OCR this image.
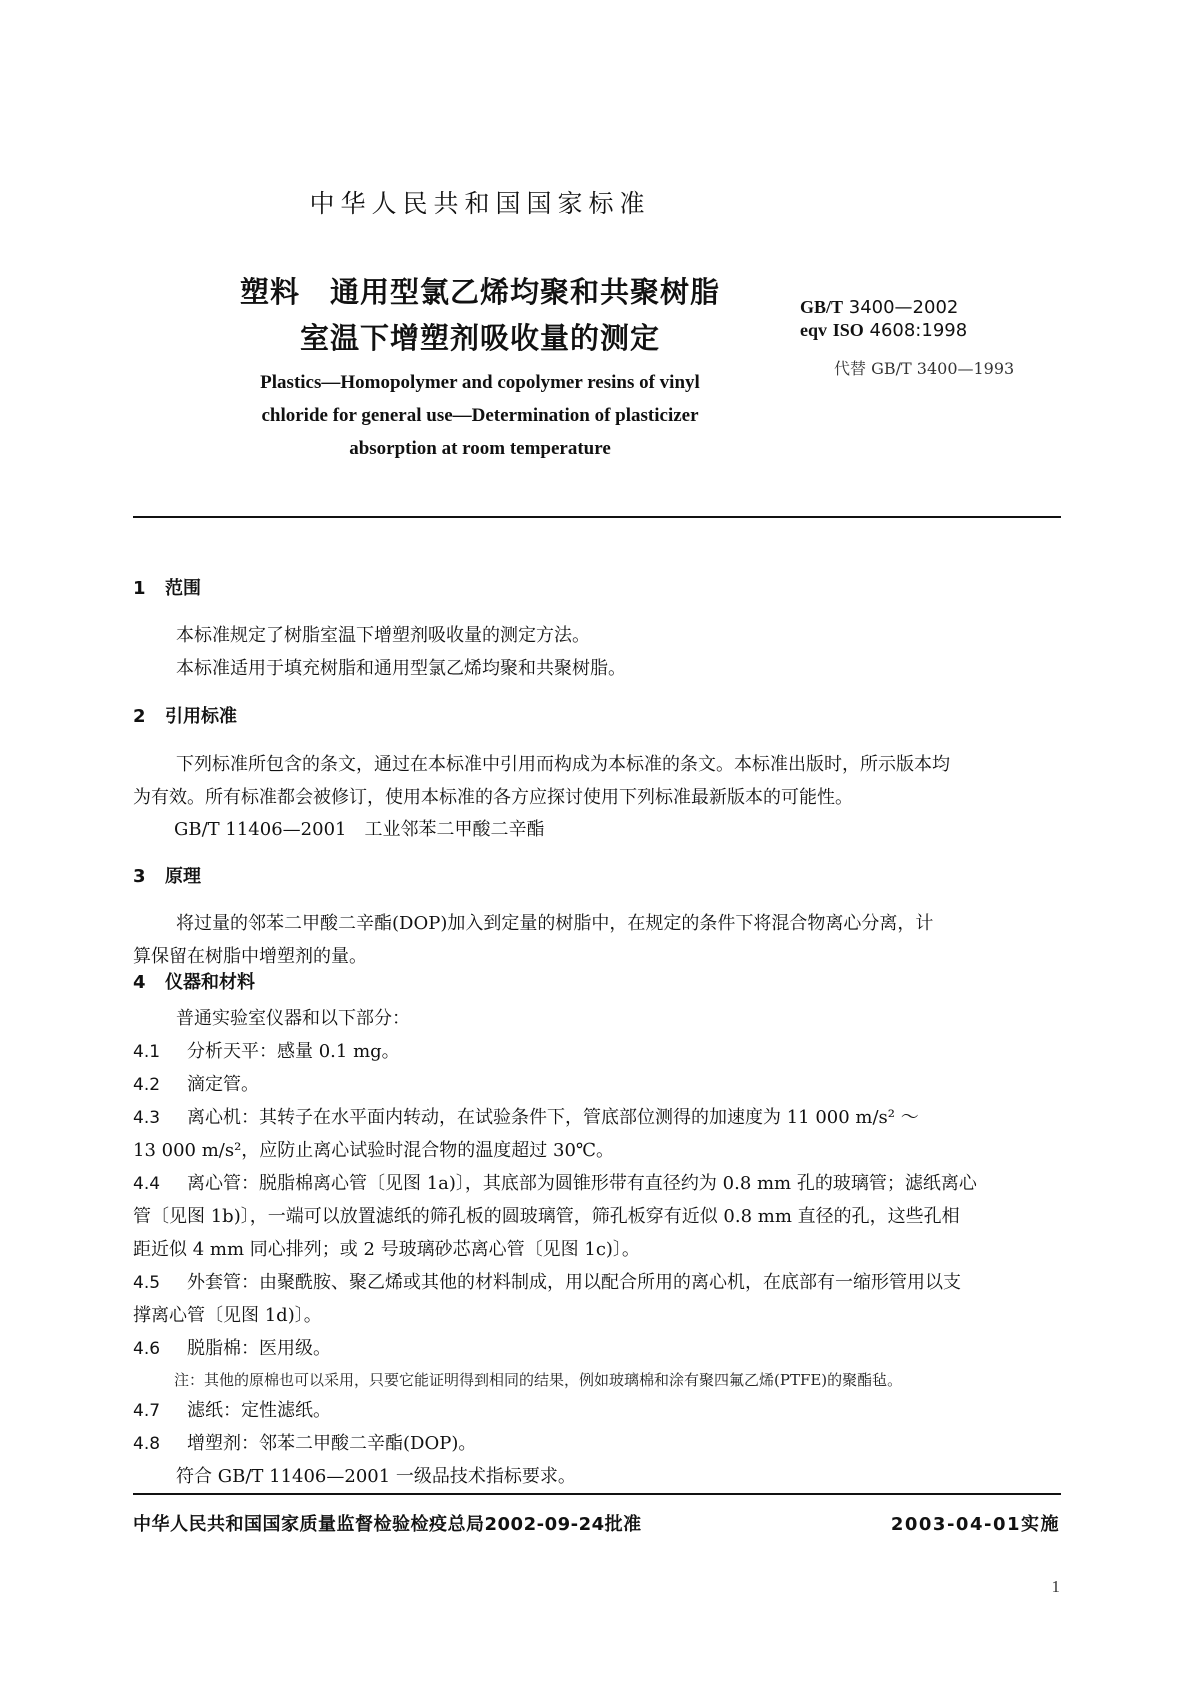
中华人民共和国国家标准
塑料　通用型氯乙烯均聚和共聚树脂
室温下增塑剂吸收量的测定
Plastics—Homopolymer and copolymer resins of vinyl
chloride for general use—Determination of plasticizer
absorption at room temperature
GB/T 3400—2002
eqv ISO 4608:1998
代替 GB/T 3400—1993
1 范围
本标准规定了树脂室温下增塑剂吸收量的测定方法。
本标准适用于填充树脂和通用型氯乙烯均聚和共聚树脂。
2 引用标准
下列标准所包含的条文，通过在本标准中引用而构成为本标准的条文。本标准出版时，所示版本均
为有效。所有标准都会被修订，使用本标准的各方应探讨使用下列标准最新版本的可能性。
GB/T 11406—2001　工业邻苯二甲酸二辛酯
3 原理
将过量的邻苯二甲酸二辛酯(DOP)加入到定量的树脂中，在规定的条件下将混合物离心分离，计
算保留在树脂中增塑剂的量。
4 仪器和材料
普通实验室仪器和以下部分：
4.1 分析天平：感量 0.1 mg。
4.2 滴定管。
4.3 离心机：其转子在水平面内转动，在试验条件下，管底部位测得的加速度为 11 000 m/s² ～
13 000 m/s²，应防止离心试验时混合物的温度超过 30℃。
4.4 离心管：脱脂棉离心管〔见图 1a)〕，其底部为圆锥形带有直径约为 0.8 mm 孔的玻璃管；滤纸离心
管〔见图 1b)〕，一端可以放置滤纸的筛孔板的圆玻璃管，筛孔板穿有近似 0.8 mm 直径的孔，这些孔相
距近似 4 mm 同心排列；或 2 号玻璃砂芯离心管〔见图 1c)〕。
4.5 外套管：由聚酰胺、聚乙烯或其他的材料制成，用以配合所用的离心机，在底部有一缩形管用以支
撑离心管〔见图 1d)〕。
4.6 脱脂棉：医用级。
注：其他的原棉也可以采用，只要它能证明得到相同的结果，例如玻璃棉和涂有聚四氟乙烯(PTFE)的聚酯毡。
4.7 滤纸：定性滤纸。
4.8 增塑剂：邻苯二甲酸二辛酯(DOP)。
中华人民共和国国家质量监督检验检疫总局2002-09-24批准	2003-04-01实施
1
符合 GB/T 11406—2001 一级品技术指标要求。
